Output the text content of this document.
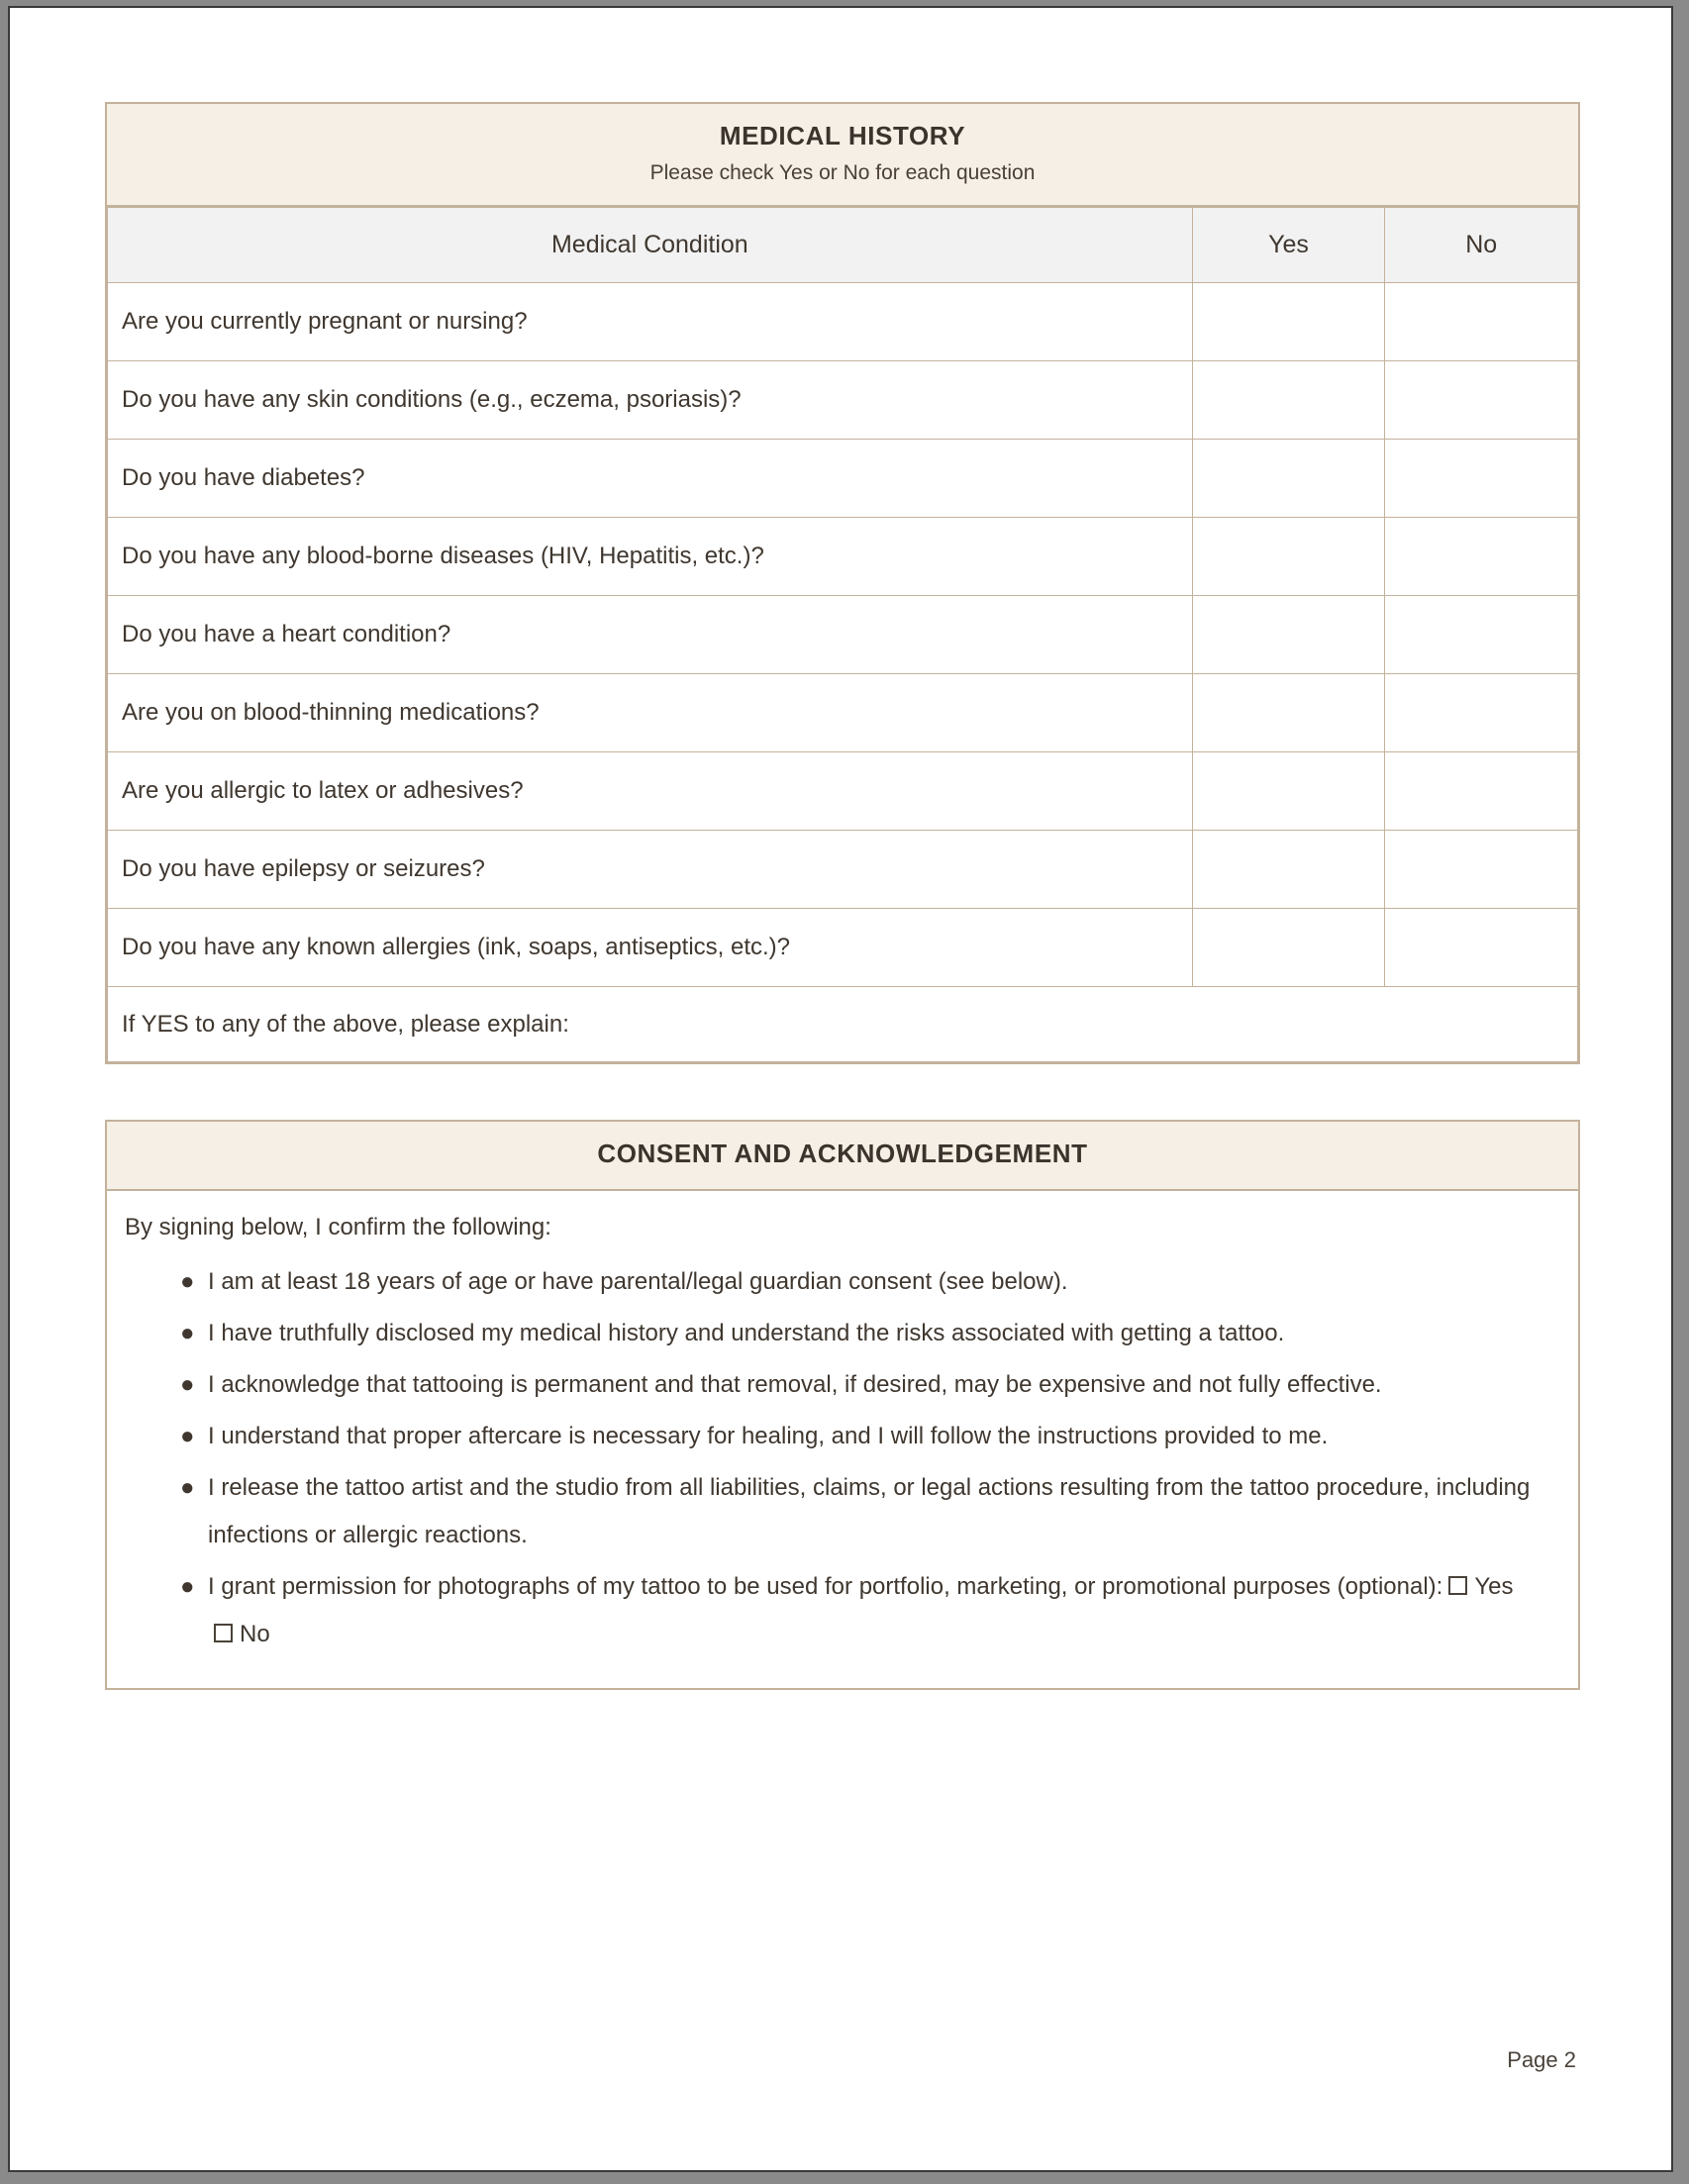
MEDICAL HISTORY
Please check Yes or No for each question
Medical Condition	Yes	No
Are you currently pregnant or nursing?		
Do you have any skin conditions (e.g., eczema, psoriasis)?		
Do you have diabetes?		
Do you have any blood-borne diseases (HIV, Hepatitis, etc.)?		
Do you have a heart condition?		
Are you on blood-thinning medications?		
Are you allergic to latex or adhesives?		
Do you have epilepsy or seizures?		
Do you have any known allergies (ink, soaps, antiseptics, etc.)?		
If YES to any of the above, please explain:		
CONSENT AND ACKNOWLEDGEMENT

By signing below, I confirm the following:

● I am at least 18 years of age or have parental/legal guardian consent (see below).
● I have truthfully disclosed my medical history and understand the risks associated with getting a tattoo.
● I acknowledge that tattooing is permanent and that removal, if desired, may be expensive and not fully effective.
● I understand that proper aftercare is necessary for healing, and I will follow the instructions provided to me.
● I release the tattoo artist and the studio from all liabilities, claims, or legal actions resulting from the tattoo procedure, including infections or allergic reactions.
● I grant permission for photographs of my tattoo to be used for portfolio, marketing, or promotional purposes (optional): Yes   No
Page 2
